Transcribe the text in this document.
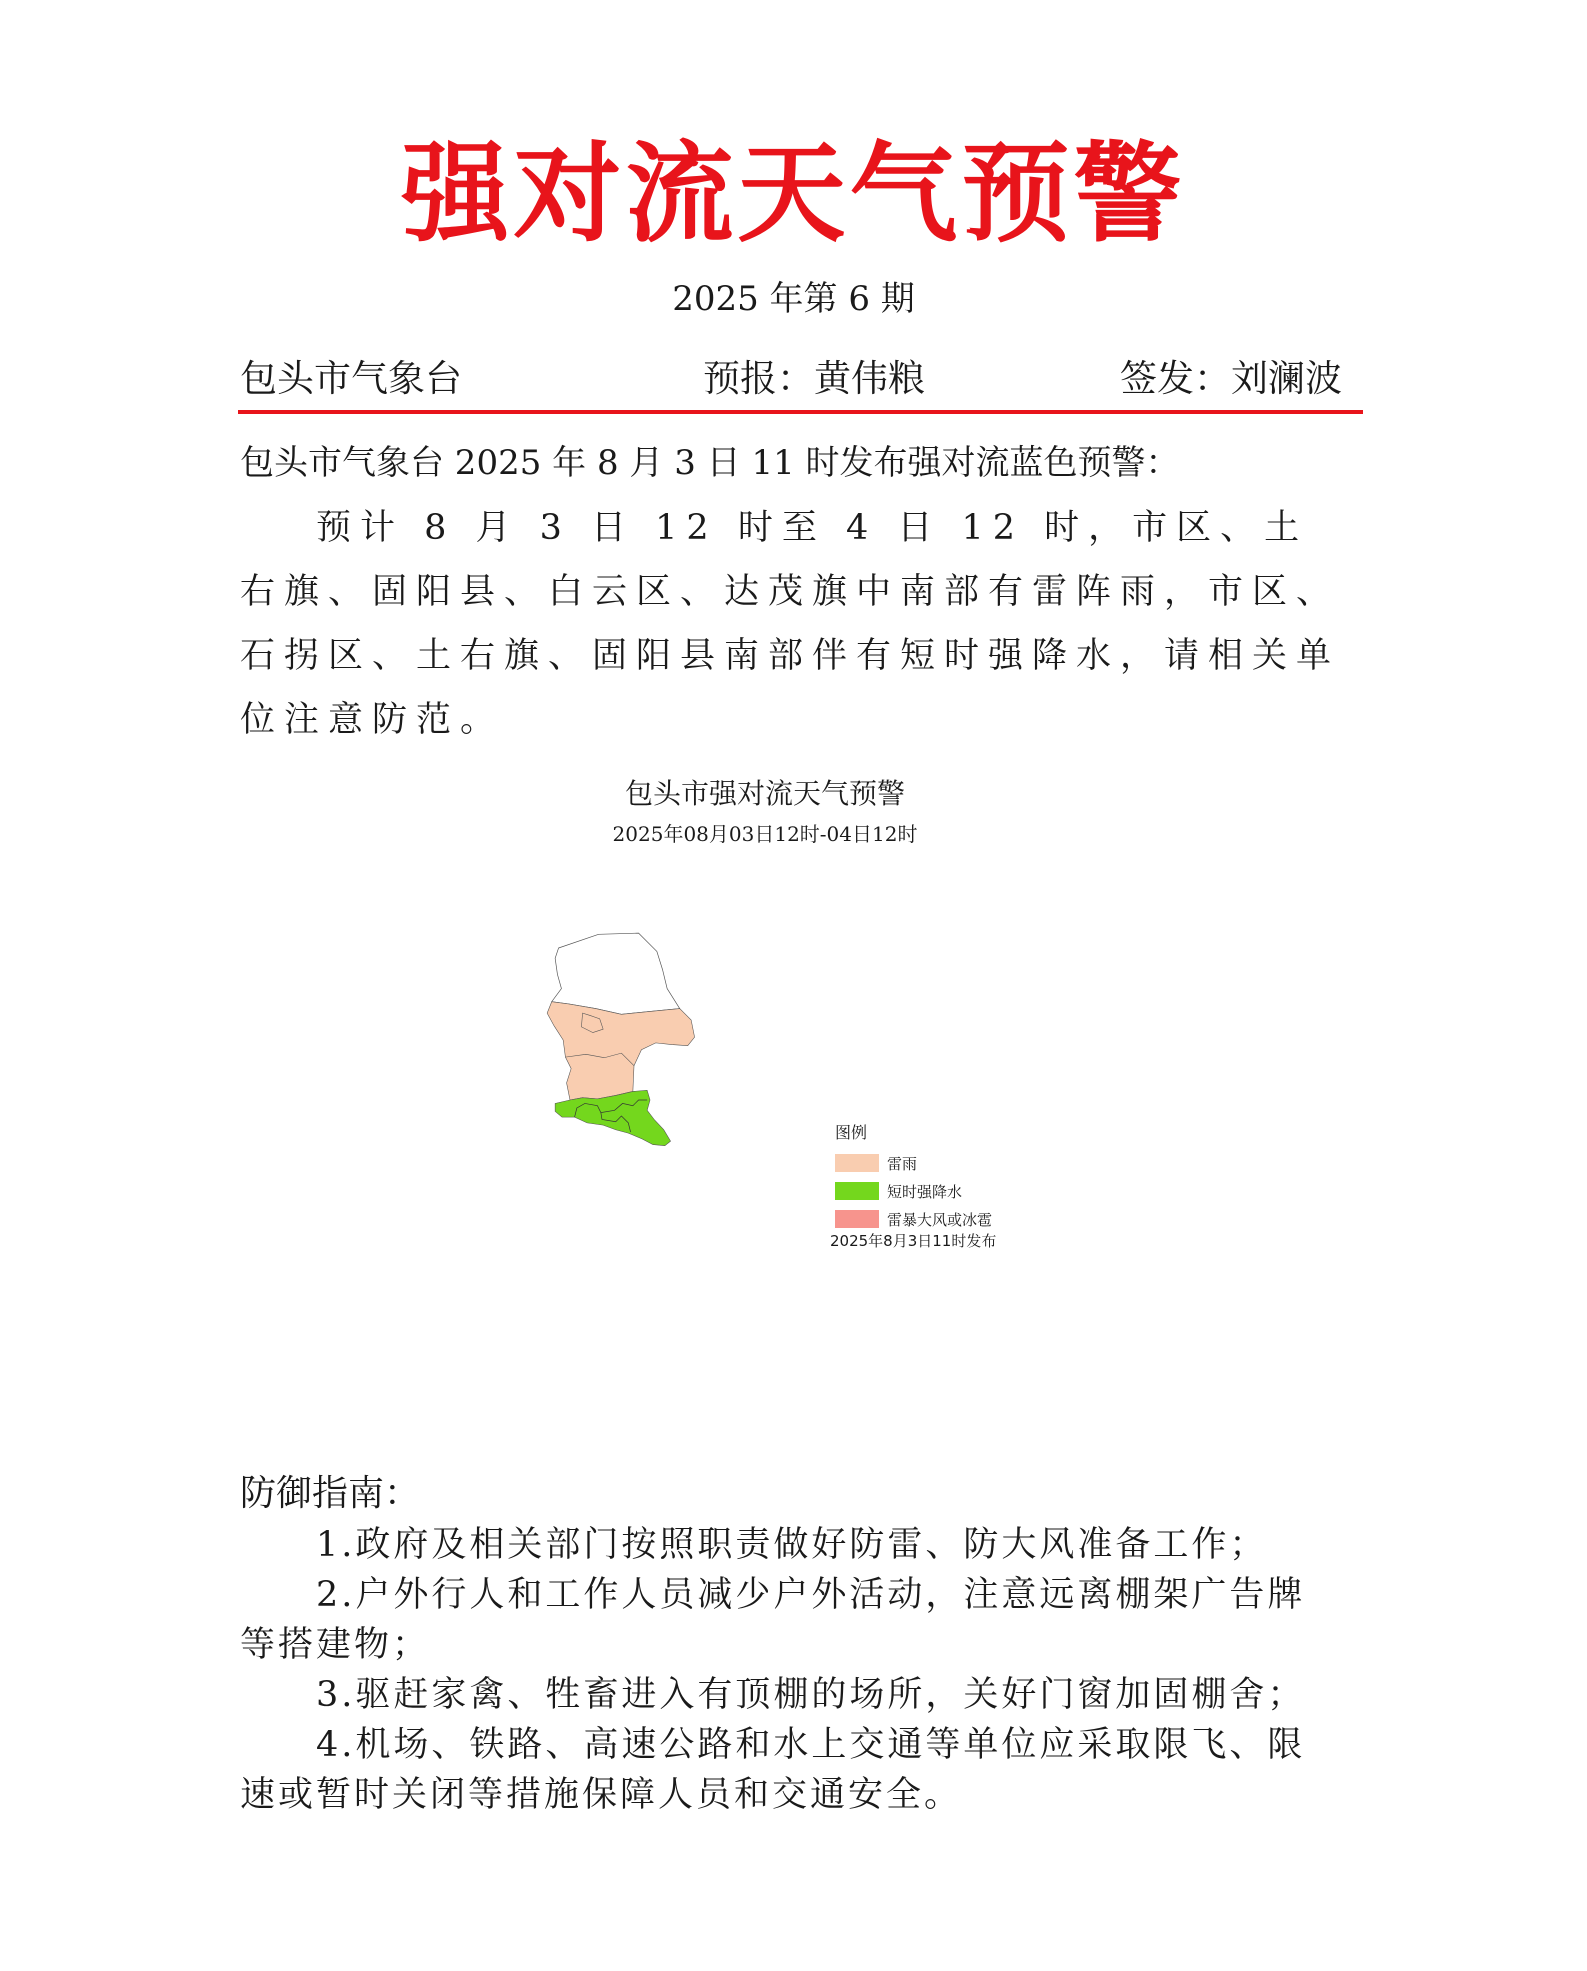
强对流天气预警
2025 年第 6 期
包头市气象台	预报：黄伟粮	签发：刘澜波
包头市气象台 2025 年 8 月 3 日 11 时发布强对流蓝色预警：
预计 8 月 3 日 12 时至 4 日 12 时，市区、土右旗、固阳县、白云区、达茂旗中南部有雷阵雨，市区、石拐区、土右旗、固阳县南部伴有短时强降水，请相关单位注意防范。
包头市强对流天气预警
2025年08月03日12时-04日12时
图例
雷雨
短时强降水
雷暴大风或冰雹
2025年8月3日11时发布
防御指南：

1.政府及相关部门按照职责做好防雷、防大风准备工作；

2.户外行人和工作人员减少户外活动，注意远离棚架广告牌等搭建物；

3.驱赶家禽、牲畜进入有顶棚的场所，关好门窗加固棚舍；

4.机场、铁路、高速公路和水上交通等单位应采取限飞、限速或暂时关闭等措施保障人员和交通安全。
